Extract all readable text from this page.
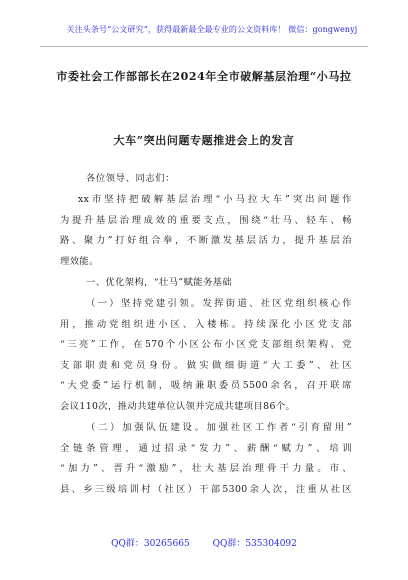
关注头条号“公文研究”，获得最新最全最专业的公文资料库！ 微信：gongwenyj
市委社会工作部部长在2024年全市破解基层治理“小马拉
大车”突出问题专题推进会上的发言
各位领导、同志们：
xx市坚持把破解基层治理“小马拉大车”突出问题作
为提升基层治理成效的重要支点，围绕“壮马、轻车、畅
路、聚力”打好组合拳，不断激发基层活力，提升基层治
理效能。
一、优化架构，“壮马”赋能务基础
（一）坚持党建引领。发挥街道、社区党组织核心作
用，推动党组织进小区、入楼栋。持续深化小区党支部
“三亮”工作，在570个小区公布小区党支部组织架构、党
支部职责和党员身份。做实做细街道“大工委”、社区
“大党委”运行机制，吸纳兼职委员5500余名，召开联席
会议110次，推动共建单位认领并完成共建项目86个。
（二）加强队伍建设。加强社区工作者“引育留用”
全链条管理，通过招录“发力”、薪酬“赋力”、培训
“加力”、晋升“激励”，壮大基层治理骨干力量。市、
县、乡三级培训村（社区）干部5300余人次，注重从社区
QQ群：30265665	QQ群：535304092
